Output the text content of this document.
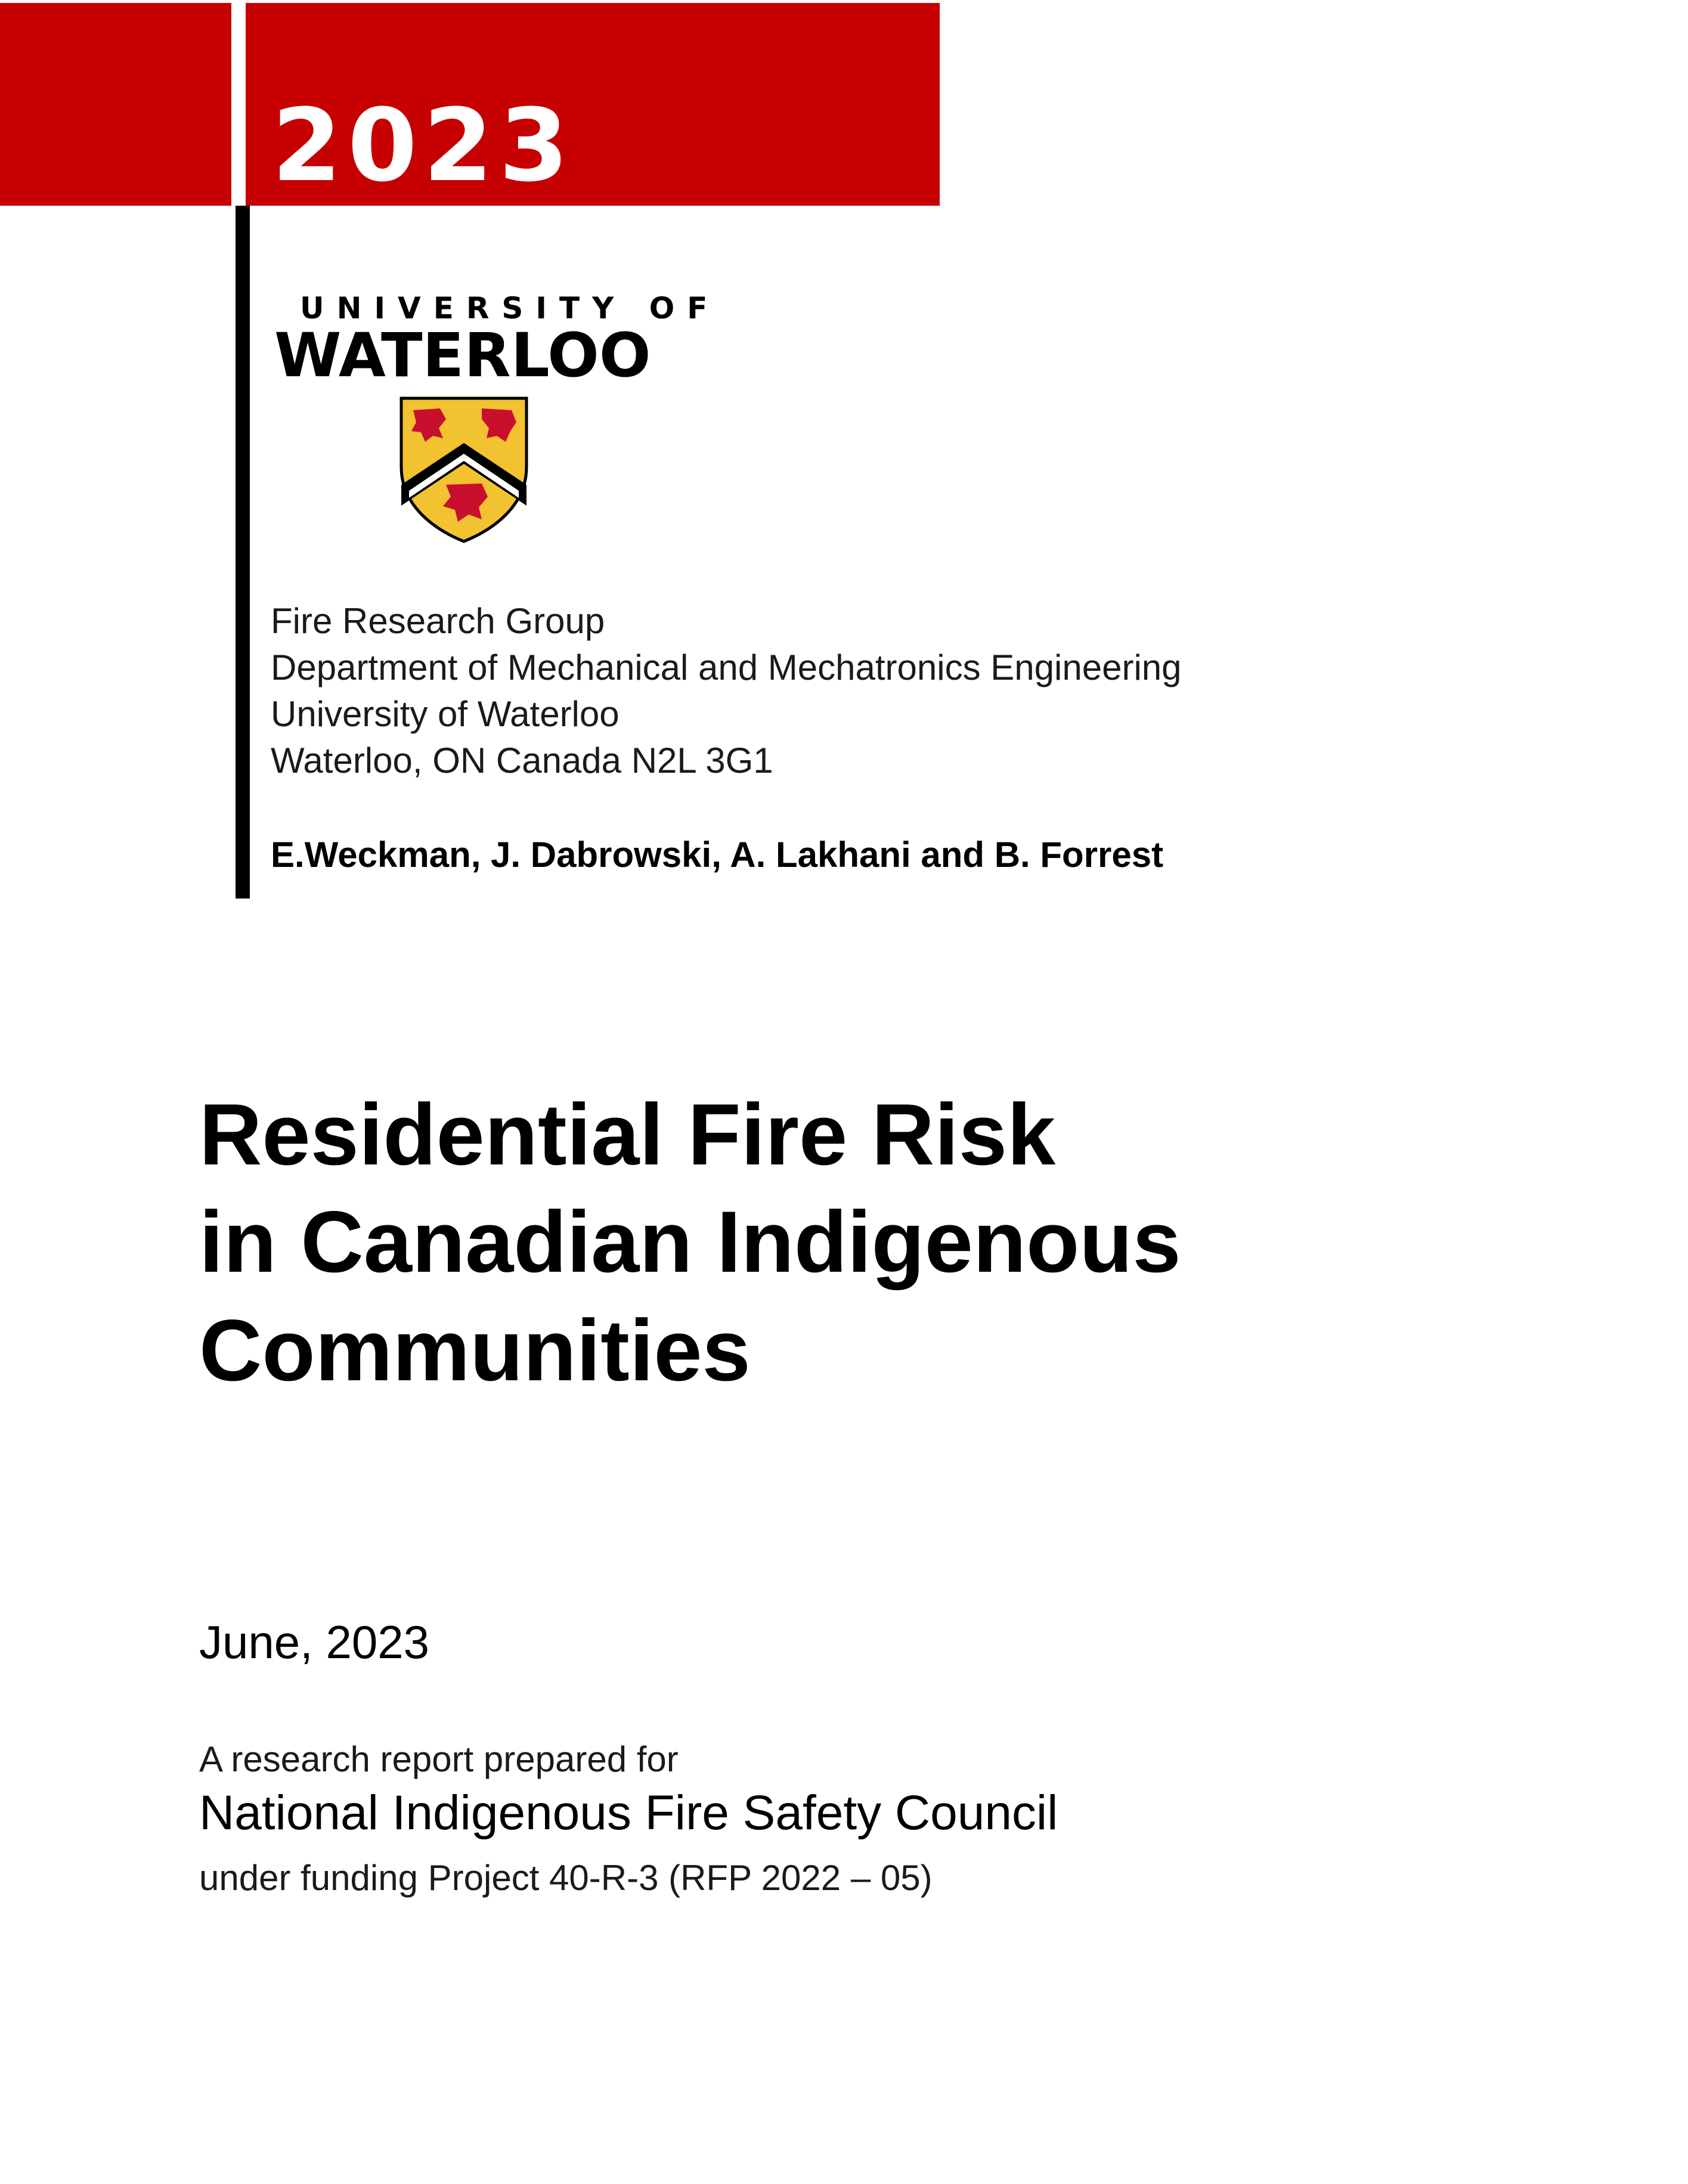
2023
UNIVERSITY OF
WATERLOO
Fire Research Group
Department of Mechanical and Mechatronics Engineering
University of Waterloo
Waterloo, ON Canada N2L 3G1
E.Weckman, J. Dabrowski, A. Lakhani and B. Forrest
Residential Fire Risk
in Canadian Indigenous
Communities
June, 2023
A research report prepared for
National Indigenous Fire Safety Council
under funding Project 40-R-3 (RFP 2022 – 05)
